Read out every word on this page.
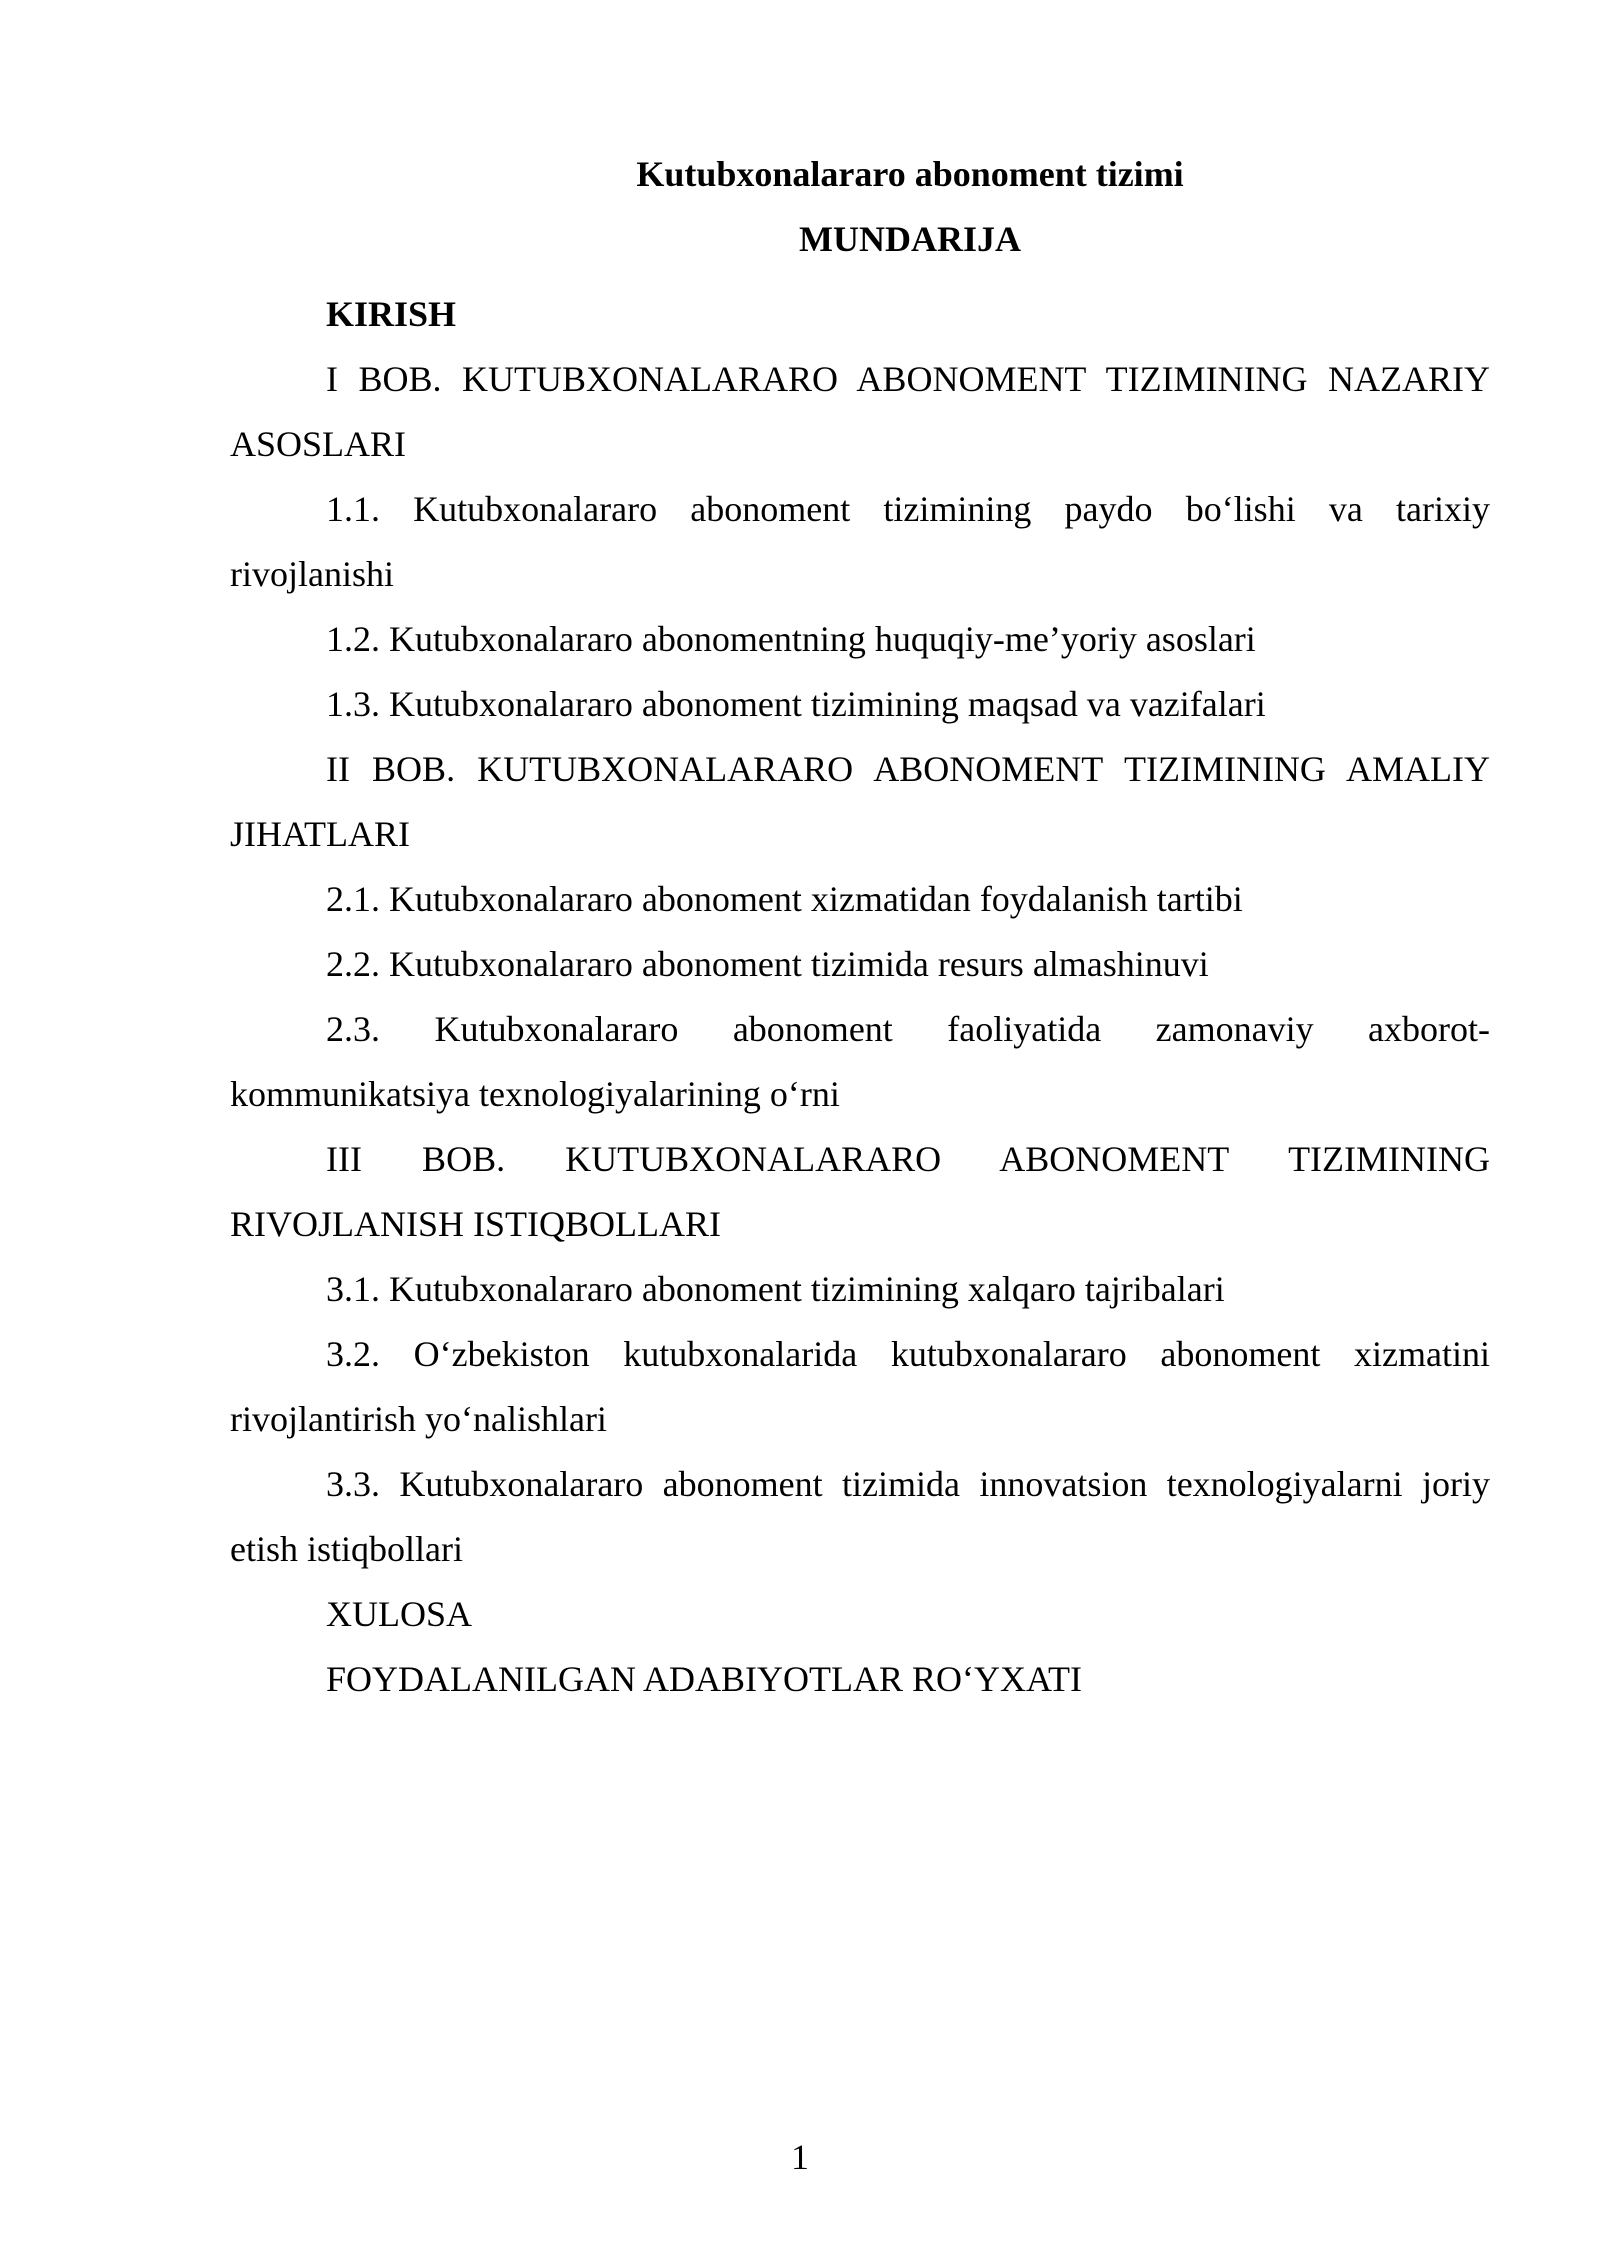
Kutubxonalararo abonoment tizimi
MUNDARIJA
KIRISH
I BOB. KUTUBXONALARARO ABONOMENT TIZIMINING NAZARIY ASOSLARI
1.1. Kutubxonalararo abonoment tizimining paydo bo‘lishi va tarixiy rivojlanishi
1.2. Kutubxonalararo abonomentning huquqiy-me’yoriy asoslari
1.3. Kutubxonalararo abonoment tizimining maqsad va vazifalari
II BOB. KUTUBXONALARARO ABONOMENT TIZIMINING AMALIY JIHATLARI
2.1. Kutubxonalararo abonoment xizmatidan foydalanish tartibi
2.2. Kutubxonalararo abonoment tizimida resurs almashinuvi
2.3. Kutubxonalararo abonoment faoliyatida zamonaviy axborot-kommunikatsiya texnologiyalarining o‘rni
III BOB. KUTUBXONALARARO ABONOMENT TIZIMINING RIVOJLANISH ISTIQBOLLARI
3.1. Kutubxonalararo abonoment tizimining xalqaro tajribalari
3.2. O‘zbekiston kutubxonalarida kutubxonalararo abonoment xizmatini rivojlantirish yo‘nalishlari
3.3. Kutubxonalararo abonoment tizimida innovatsion texnologiyalarni joriy etish istiqbollari
XULOSA
FOYDALANILGAN ADABIYOTLAR RO‘YXATI
1
